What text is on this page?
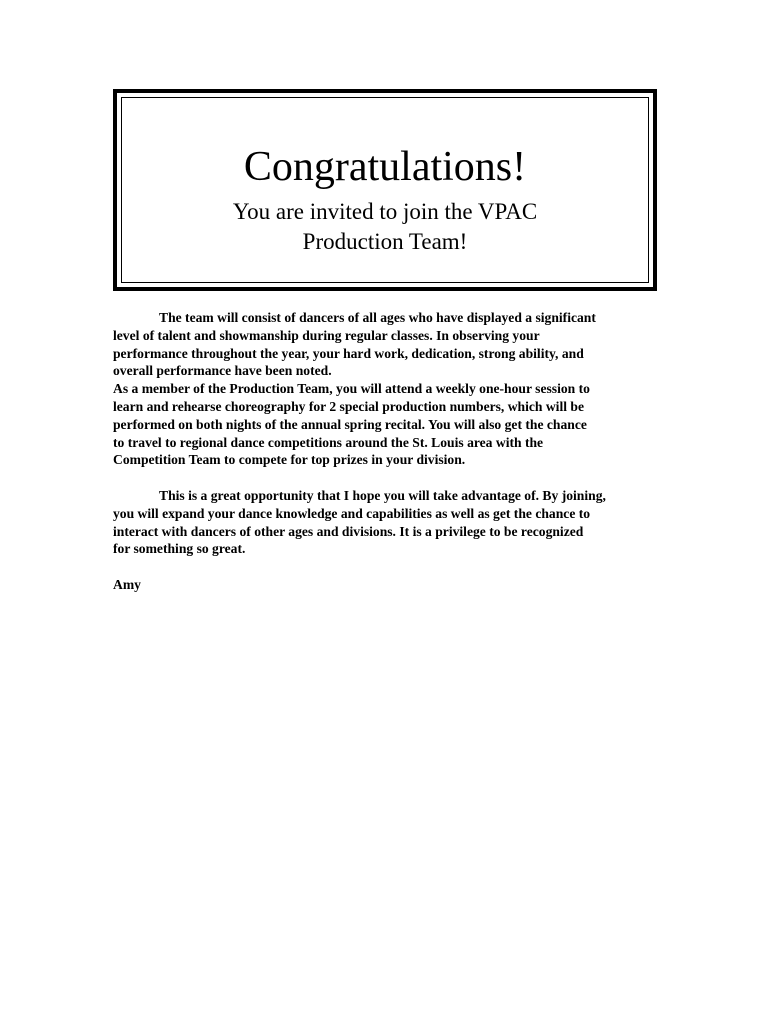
Congratulations!
You are invited to join the VPAC
Production Team!
The team will consist of dancers of all ages who have displayed a significant
level of talent and showmanship during regular classes. In observing your
performance throughout the year, your hard work, dedication, strong ability, and
overall performance have been noted.
As a member of the Production Team, you will attend a weekly one-hour session to
learn and rehearse choreography for 2 special production numbers, which will be
performed on both nights of the annual spring recital. You will also get the chance
to travel to regional dance competitions around the St. Louis area with the
Competition Team to compete for top prizes in your division.
This is a great opportunity that I hope you will take advantage of. By joining,
you will expand your dance knowledge and capabilities as well as get the chance to
interact with dancers of other ages and divisions. It is a privilege to be recognized
for something so great.
Amy
